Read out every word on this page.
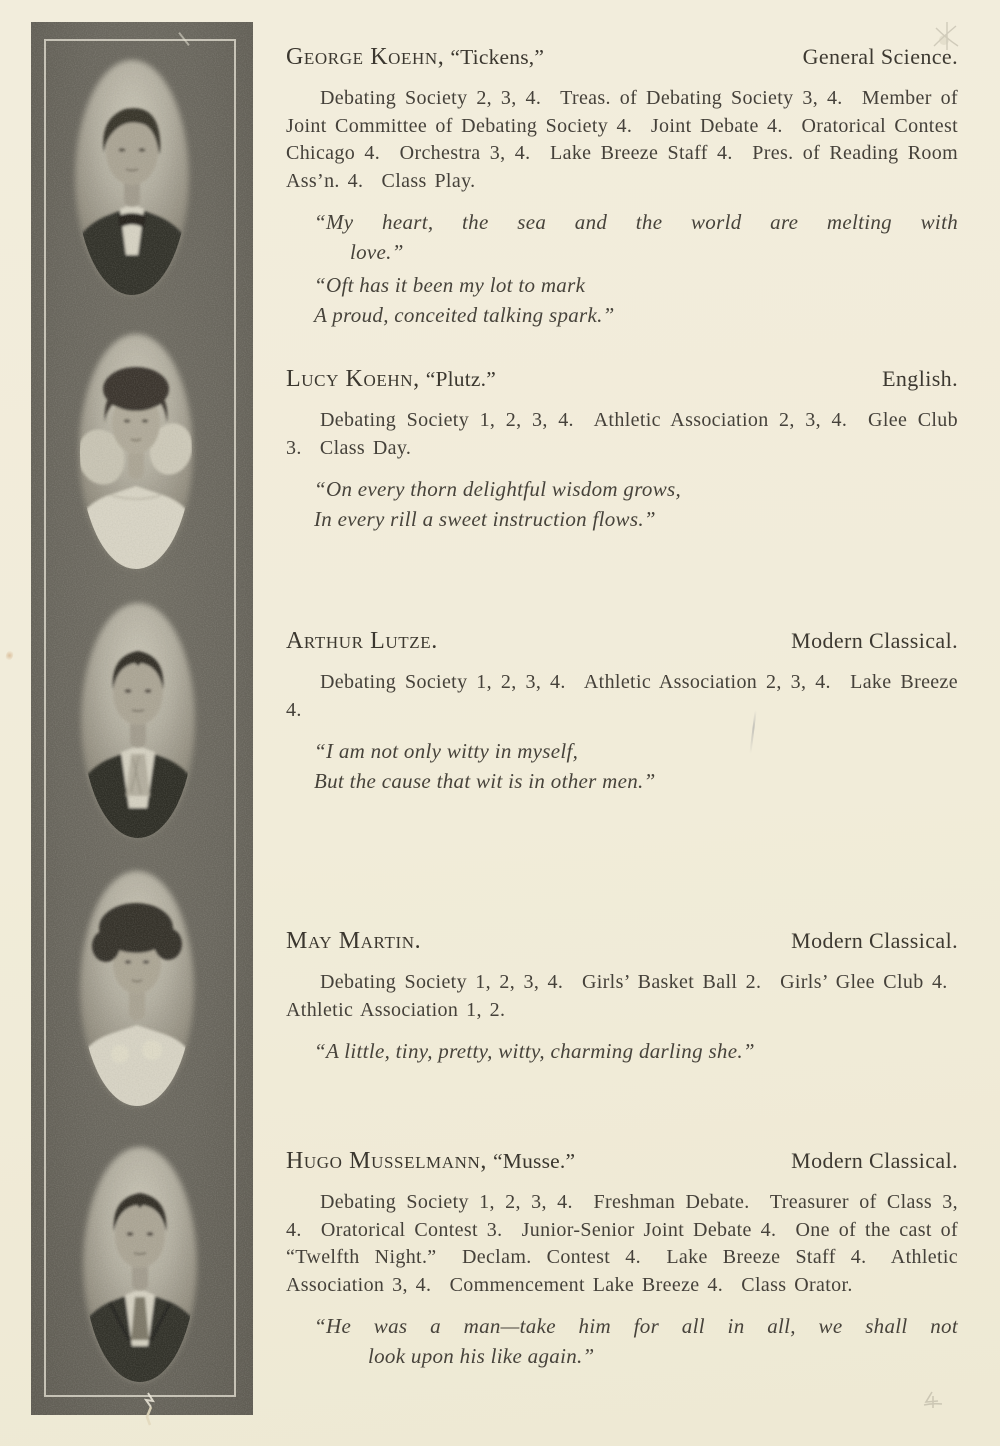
George Koehn, “Tickens,”	General Science.

Debating Society 2, 3, 4.  Treas. of Debating Society 3, 4.  Member of Joint Committee of Debating Society 4.  Joint Debate 4.  Oratorical Contest Chicago 4.  Orchestra 3, 4.  Lake Breeze Staff 4.  Pres. of Reading Room Ass’n. 4.  Class Play.

“My heart, the sea and the world are melting with
love.”
“Oft has it been my lot to mark
A proud, conceited talking spark.”
Lucy Koehn, “Plutz.”	English.

Debating Society 1, 2, 3, 4.  Athletic Association 2, 3, 4.  Glee Club 3.  Class Day.

“On every thorn delightful wisdom grows,
In every rill a sweet instruction flows.”
Arthur Lutze.	Modern Classical.

Debating Society 1, 2, 3, 4.  Athletic Association 2, 3, 4.  Lake Breeze 4.

“I am not only witty in myself,
But the cause that wit is in other men.”
May Martin.	Modern Classical.

Debating Society 1, 2, 3, 4.  Girls’ Basket Ball 2.  Girls’ Glee Club 4.  Athletic Association 1, 2.

“A little, tiny, pretty, witty, charming darling she.”
Hugo Musselmann, “Musse.”	Modern Classical.

Debating Society 1, 2, 3, 4.  Freshman Debate.  Treasurer of Class 3, 4.  Oratorical Contest 3.  Junior-Senior Joint Debate 4.  One of the cast of “Twelfth Night.”  Declam. Contest 4.  Lake Breeze Staff 4.  Athletic Association 3, 4.  Commencement Lake Breeze 4.  Class Orator.

“He was a man—take him for all in all, we shall not
look upon his like again.”
